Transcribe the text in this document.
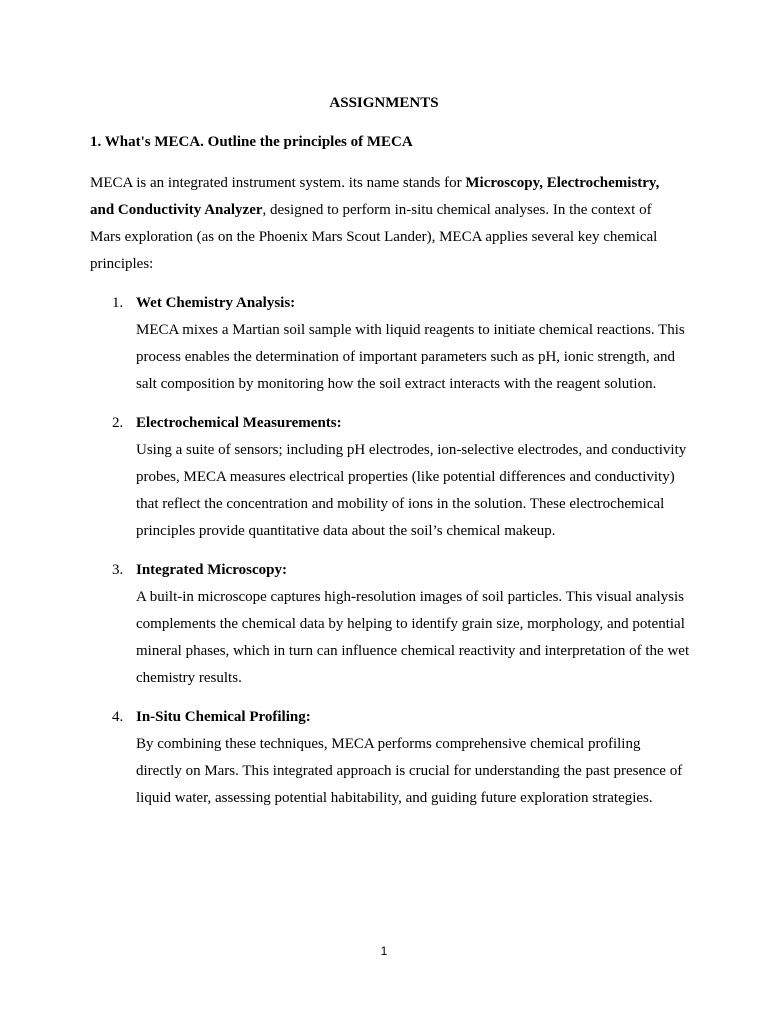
ASSIGNMENTS
1. What's MECA. Outline the principles of MECA

MECA is an integrated instrument system. its name stands for Microscopy, Electrochemistry, and Conductivity Analyzer, designed to perform in-situ chemical analyses. In the context of Mars exploration (as on the Phoenix Mars Scout Lander), MECA applies several key chemical principles:

1. Wet Chemistry Analysis:
MECA mixes a Martian soil sample with liquid reagents to initiate chemical reactions. This process enables the determination of important parameters such as pH, ionic strength, and salt composition by monitoring how the soil extract interacts with the reagent solution.
2. Electrochemical Measurements:
Using a suite of sensors; including pH electrodes, ion-selective electrodes, and conductivity probes, MECA measures electrical properties (like potential differences and conductivity) that reflect the concentration and mobility of ions in the solution. These electrochemical principles provide quantitative data about the soil’s chemical makeup.
3. Integrated Microscopy:
A built-in microscope captures high-resolution images of soil particles. This visual analysis complements the chemical data by helping to identify grain size, morphology, and potential mineral phases, which in turn can influence chemical reactivity and interpretation of the wet chemistry results.
4. In-Situ Chemical Profiling:
By combining these techniques, MECA performs comprehensive chemical profiling directly on Mars. This integrated approach is crucial for understanding the past presence of liquid water, assessing potential habitability, and guiding future exploration strategies.
1
